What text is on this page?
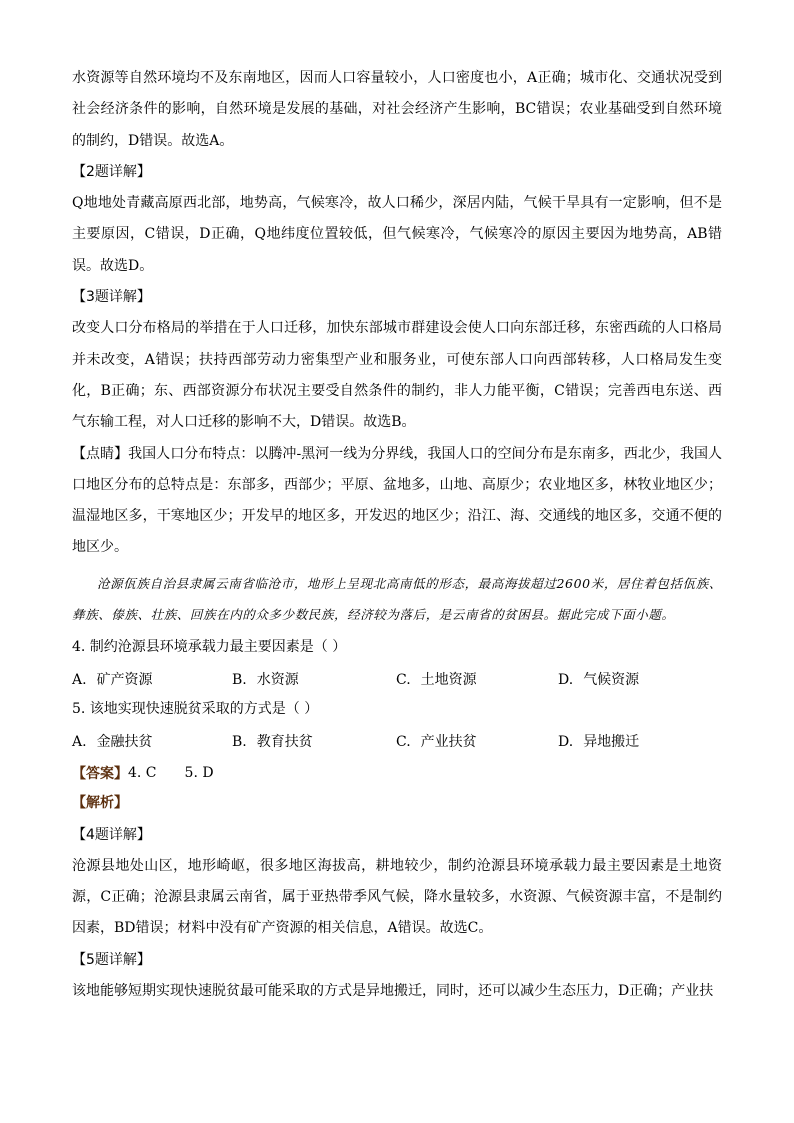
水资源等自然环境均不及东南地区，因而人口容量较小，人口密度也小，A正确；城市化、交通状况受到社会经济条件的影响，自然环境是发展的基础，对社会经济产生影响，BC错误；农业基础受到自然环境的制约，D错误。故选A。

【2题详解】

Q地地处青藏高原西北部，地势高，气候寒冷，故人口稀少，深居内陆，气候干旱具有一定影响，但不是主要原因，C错误，D正确，Q地纬度位置较低，但气候寒冷，气候寒冷的原因主要因为地势高，AB错误。故选D。

【3题详解】

改变人口分布格局的举措在于人口迁移，加快东部城市群建设会使人口向东部迁移，东密西疏的人口格局并未改变，A错误；扶持西部劳动力密集型产业和服务业，可使东部人口向西部转移，人口格局发生变化，B正确；东、西部资源分布状况主要受自然条件的制约，非人力能平衡，C错误；完善西电东送、西气东输工程，对人口迁移的影响不大，D错误。故选B。

【点睛】我国人口分布特点：以腾冲-黑河一线为分界线，我国人口的空间分布是东南多，西北少，我国人口地区分布的总特点是：东部多，西部少；平原、盆地多，山地、高原少；农业地区多，林牧业地区少；温湿地区多，干寒地区少；开发早的地区多，开发迟的地区少；沿江、海、交通线的地区多，交通不便的地区少。

沧源佤族自治县隶属云南省临沧市，地形上呈现北高南低的形态，最高海拔超过2600米，居住着包括佤族、彝族、傣族、壮族、回族在内的众多少数民族，经济较为落后，是云南省的贫困县。据此完成下面小题。

4. 制约沧源县环境承载力最主要因素是（ ）

A. 矿产资源	B. 水资源	C. 土地资源	D. 气候资源

5. 该地实现快速脱贫采取的方式是（ ）

A. 金融扶贫	B. 教育扶贫	C. 产业扶贫	D. 异地搬迁
【答案】 4. C 5. D

【解析】

【4题详解】

沧源县地处山区，地形崎岖，很多地区海拔高，耕地较少，制约沧源县环境承载力最主要因素是土地资源，C正确；沧源县隶属云南省，属于亚热带季风气候，降水量较多，水资源、气候资源丰富，不是制约因素，BD错误；材料中没有矿产资源的相关信息，A错误。故选C。

【5题详解】

该地能够短期实现快速脱贫最可能采取的方式是异地搬迁，同时，还可以减少生态压力，D正确；产业扶
